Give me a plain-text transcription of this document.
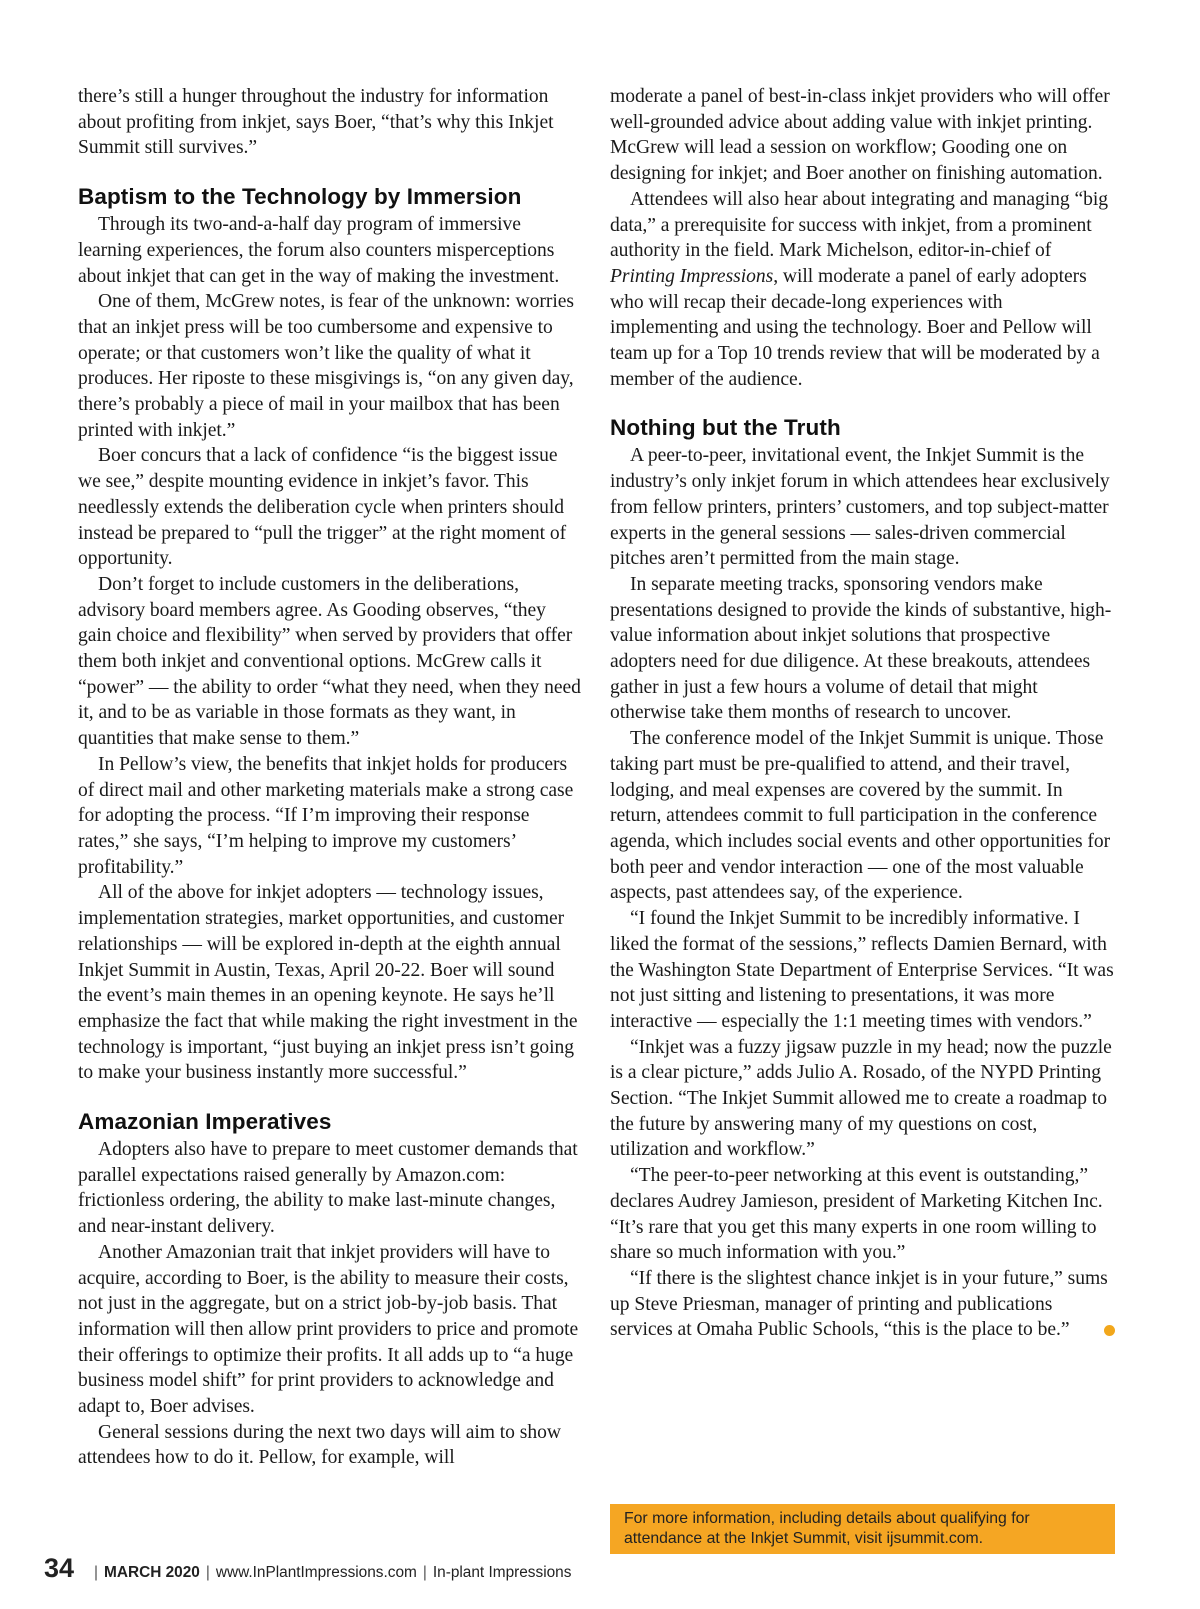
there’s still a hunger throughout the industry for information about profiting from inkjet, says Boer, “that’s why this Inkjet Summit still survives.”

Baptism to the Technology by Immersion

Through its two-and-a-half day program of immersive learning experiences, the forum also counters misperceptions about inkjet that can get in the way of making the investment.

One of them, McGrew notes, is fear of the unknown: worries that an inkjet press will be too cumbersome and expensive to operate; or that customers won’t like the quality of what it produces. Her riposte to these misgivings is, “on any given day, there’s probably a piece of mail in your mailbox that has been printed with inkjet.”

Boer concurs that a lack of confidence “is the biggest issue we see,” despite mounting evidence in inkjet’s favor. This needlessly extends the deliberation cycle when printers should instead be prepared to “pull the trigger” at the right moment of opportunity.

Don’t forget to include customers in the deliberations, advisory board members agree. As Gooding observes, “they gain choice and flexibility” when served by providers that offer them both inkjet and conventional options. McGrew calls it “power” — the ability to order “what they need, when they need it, and to be as variable in those formats as they want, in quantities that make sense to them.”

In Pellow’s view, the benefits that inkjet holds for producers of direct mail and other marketing materials make a strong case for adopting the process. “If I’m improving their response rates,” she says, “I’m helping to improve my customers’ profitability.”

All of the above for inkjet adopters — technology issues, implementation strategies, market opportunities, and customer relationships — will be explored in-depth at the eighth annual Inkjet Summit in Austin, Texas, April 20-22. Boer will sound the event’s main themes in an opening keynote. He says he’ll emphasize the fact that while making the right investment in the technology is important, “just buying an inkjet press isn’t going to make your business instantly more successful.”

Amazonian Imperatives

Adopters also have to prepare to meet customer demands that parallel expectations raised generally by Amazon.com: frictionless ordering, the ability to make last-minute changes, and near-instant delivery.

Another Amazonian trait that inkjet providers will have to acquire, according to Boer, is the ability to measure their costs, not just in the aggregate, but on a strict job-by-job basis. That information will then allow print providers to price and promote their offerings to optimize their profits. It all adds up to “a huge business model shift” for print providers to acknowledge and adapt to, Boer advises.

General sessions during the next two days will aim to show attendees how to do it. Pellow, for example, will

moderate a panel of best-in-class inkjet providers who will offer well-grounded advice about adding value with inkjet printing. McGrew will lead a session on workflow; Gooding one on designing for inkjet; and Boer another on finishing automation.

Attendees will also hear about integrating and managing “big data,” a prerequisite for success with inkjet, from a prominent authority in the field. Mark Michelson, editor-in-chief of Printing Impressions, will moderate a panel of early adopters who will recap their decade-long experiences with implementing and using the technology. Boer and Pellow will team up for a Top 10 trends review that will be moderated by a member of the audience.

Nothing but the Truth

A peer-to-peer, invitational event, the Inkjet Summit is the industry’s only inkjet forum in which attendees hear exclusively from fellow printers, printers’ customers, and top subject-matter experts in the general sessions — sales-driven commercial pitches aren’t permitted from the main stage.

In separate meeting tracks, sponsoring vendors make presentations designed to provide the kinds of substantive, high-value information about inkjet solutions that prospective adopters need for due diligence. At these breakouts, attendees gather in just a few hours a volume of detail that might otherwise take them months of research to uncover.

The conference model of the Inkjet Summit is unique. Those taking part must be pre-qualified to attend, and their travel, lodging, and meal expenses are covered by the summit. In return, attendees commit to full participation in the conference agenda, which includes social events and other opportunities for both peer and vendor interaction — one of the most valuable aspects, past attendees say, of the experience.

“I found the Inkjet Summit to be incredibly informative. I liked the format of the sessions,” reflects Damien Bernard, with the Washington State Department of Enterprise Services. “It was not just sitting and listening to presentations, it was more interactive — especially the 1:1 meeting times with vendors.”

“Inkjet was a fuzzy jigsaw puzzle in my head; now the puzzle is a clear picture,” adds Julio A. Rosado, of the NYPD Printing Section. “The Inkjet Summit allowed me to create a roadmap to the future by answering many of my questions on cost, utilization and workflow.”

“The peer-to-peer networking at this event is outstanding,” declares Audrey Jamieson, president of Marketing Kitchen Inc. “It’s rare that you get this many experts in one room willing to share so much information with you.”

“If there is the slightest chance inkjet is in your future,” sums up Steve Priesman, manager of printing and publications services at Omaha Public Schools, “this is the place to be.”

For more information, including details about qualifying for attendance at the Inkjet Summit, visit ijsummit.com.
34	| MARCH 2020 | www.InPlantImpressions.com | In-plant Impressions
